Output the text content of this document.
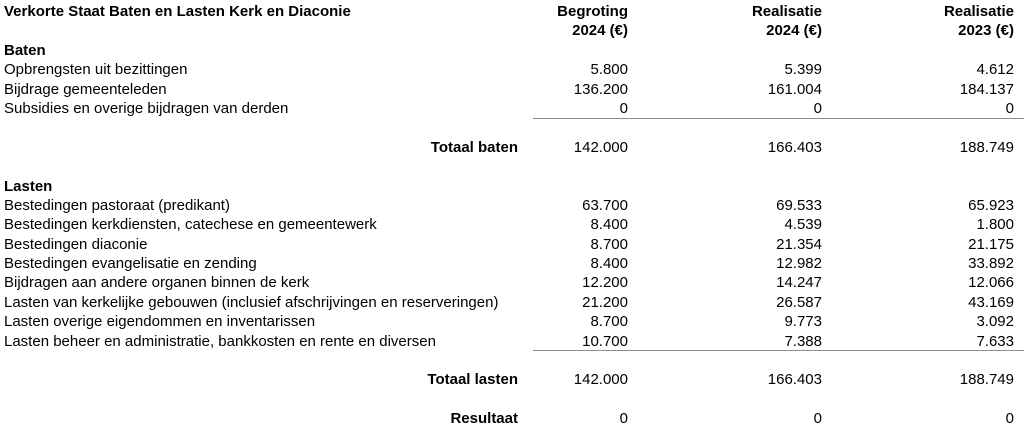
Verkorte Staat Baten en Lasten Kerk en Diaconie	Begroting	Realisatie	Realisatie
2024 (€)	2024 (€)	2023 (€)
Baten
Opbrengsten uit bezittingen	5.800	5.399	4.612
Bijdrage gemeenteleden	136.200	161.004	184.137
Subsidies en overige bijdragen van derden	0	0	0
Totaal baten	142.000	166.403	188.749
Lasten
Bestedingen pastoraat (predikant)	63.700	69.533	65.923
Bestedingen kerkdiensten, catechese en gemeentewerk	8.400	4.539	1.800
Bestedingen diaconie	8.700	21.354	21.175
Bestedingen evangelisatie en zending	8.400	12.982	33.892
Bijdragen aan andere organen binnen de kerk	12.200	14.247	12.066
Lasten van kerkelijke gebouwen (inclusief afschrijvingen en reserveringen)	21.200	26.587	43.169
Lasten overige eigendommen en inventarissen	8.700	9.773	3.092
Lasten beheer en administratie, bankkosten en rente en diversen	10.700	7.388	7.633
Totaal lasten	142.000	166.403	188.749
Resultaat	0	0	0
